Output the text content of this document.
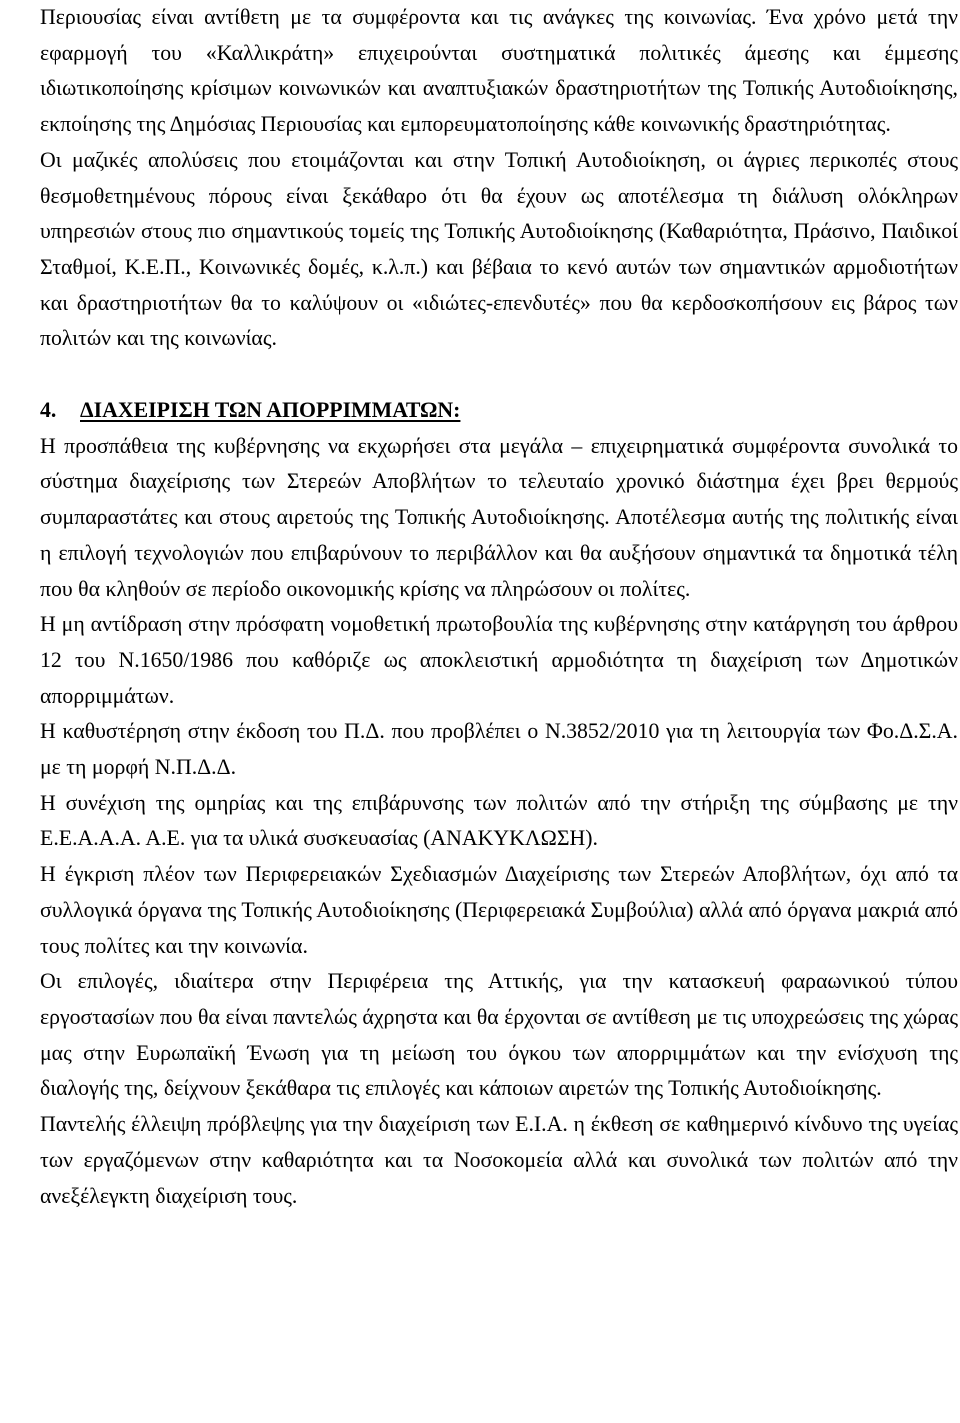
Περιουσίας είναι αντίθετη με τα συμφέροντα και τις ανάγκες της κοινωνίας. Ένα χρόνο μετά την εφαρμογή του «Καλλικράτη» επιχειρούνται συστηματικά πολιτικές άμεσης και έμμεσης ιδιωτικοποίησης κρίσιμων κοινωνικών και αναπτυξιακών δραστηριοτήτων της Τοπικής Αυτοδιοίκησης, εκποίησης της Δημόσιας Περιουσίας και εμπορευματοποίησης κάθε κοινωνικής δραστηριότητας.

Οι μαζικές απολύσεις που ετοιμάζονται και στην Τοπική Αυτοδιοίκηση, οι άγριες περικοπές στους θεσμοθετημένους πόρους είναι ξεκάθαρο ότι θα έχουν ως αποτέλεσμα τη διάλυση ολόκληρων υπηρεσιών στους πιο σημαντικούς τομείς της Τοπικής Αυτοδιοίκησης (Καθαριότητα, Πράσινο, Παιδικοί Σταθμοί, Κ.Ε.Π., Κοινωνικές δομές, κ.λ.π.) και βέβαια το κενό αυτών των σημαντικών αρμοδιοτήτων και δραστηριοτήτων θα το καλύψουν οι «ιδιώτες-επενδυτές» που θα κερδοσκοπήσουν εις βάρος των πολιτών και της κοινωνίας.

4. ΔΙΑΧΕΙΡΙΣΗ ΤΩΝ ΑΠΟΡΡΙΜΜΑΤΩΝ:
Η προσπάθεια της κυβέρνησης να εκχωρήσει στα μεγάλα – επιχειρηματικά συμφέροντα συνολικά το σύστημα διαχείρισης των Στερεών Αποβλήτων το τελευταίο χρονικό διάστημα έχει βρει θερμούς συμπαραστάτες και στους αιρετούς της Τοπικής Αυτοδιοίκησης. Αποτέλεσμα αυτής της πολιτικής είναι η επιλογή τεχνολογιών που επιβαρύνουν το περιβάλλον και θα αυξήσουν σημαντικά τα δημοτικά τέλη που θα κληθούν σε περίοδο οικονομικής κρίσης να πληρώσουν οι πολίτες.

Η μη αντίδραση στην πρόσφατη νομοθετική πρωτοβουλία της κυβέρνησης στην κατάργηση του άρθρου 12 του Ν.1650/1986 που καθόριζε ως αποκλειστική αρμοδιότητα τη διαχείριση των Δημοτικών απορριμμάτων.

Η καθυστέρηση στην έκδοση του Π.Δ. που προβλέπει ο Ν.3852/2010 για τη λειτουργία των Φο.Δ.Σ.Α. με τη μορφή Ν.Π.Δ.Δ.

Η συνέχιση της ομηρίας και της επιβάρυνσης των πολιτών από την στήριξη της σύμβασης με την Ε.Ε.Α.Α.Α. Α.Ε. για τα υλικά συσκευασίας (ΑΝΑΚΥΚΛΩΣΗ).

Η έγκριση πλέον των Περιφερειακών Σχεδιασμών Διαχείρισης των Στερεών Αποβλήτων, όχι από τα συλλογικά όργανα της Τοπικής Αυτοδιοίκησης (Περιφερειακά Συμβούλια) αλλά από όργανα μακριά από τους πολίτες και την κοινωνία.

Οι επιλογές, ιδιαίτερα στην Περιφέρεια της Αττικής, για την κατασκευή φαραωνικού τύπου εργοστασίων που θα είναι παντελώς άχρηστα και θα έρχονται σε αντίθεση με τις υποχρεώσεις της χώρας μας στην Ευρωπαϊκή Ένωση για τη μείωση του όγκου των απορριμμάτων και την ενίσχυση της διαλογής της, δείχνουν ξεκάθαρα τις επιλογές και κάποιων αιρετών της Τοπικής Αυτοδιοίκησης.

Παντελής έλλειψη πρόβλεψης για την διαχείριση των Ε.Ι.Α. η έκθεση σε καθημερινό κίνδυνο της υγείας των εργαζόμενων στην καθαριότητα και τα Νοσοκομεία αλλά και συνολικά των πολιτών από την ανεξέλεγκτη διαχείριση τους.
